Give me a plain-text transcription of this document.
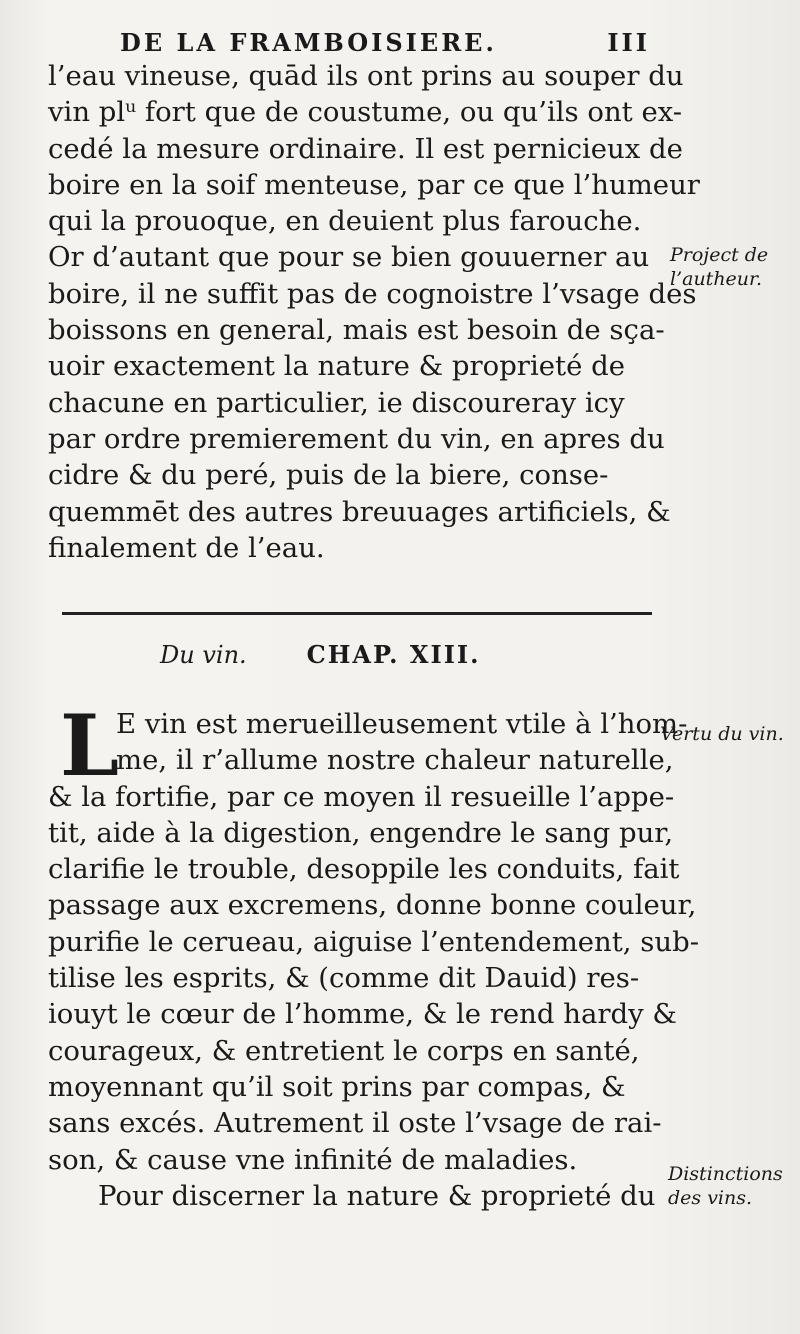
DE LA FRAMBOISIERE.	III
l’eau vineuse, quād ils ont prins au souper du
vin plᵘ fort que de coustume, ou qu’ils ont ex-
cedé la mesure ordinaire. Il est pernicieux de
boire en la soif menteuse, par ce que l’humeur
qui la prouoque, en deuient plus farouche.
Or d’autant que pour se bien gouuerner au
boire, il ne suffit pas de cognoistre l’vsage des
boissons en general, mais est besoin de sça-
uoir exactement la nature & proprieté de
chacune en particulier, ie discoureray icy
par ordre premierement du vin, en apres du
cidre & du peré, puis de la biere, conse-
quemmēt des autres breuuages artificiels, &
finalement de l’eau.
Du vin.	CHAP. XIII.
L
E vin est merueilleusement vtile à l’hom-
me, il r’allume nostre chaleur naturelle,
& la fortifie, par ce moyen il resueille l’appe-
tit, aide à la digestion, engendre le sang pur,
clarifie le trouble, desoppile les conduits, fait
passage aux excremens, donne bonne couleur,
purifie le cerueau, aiguise l’entendement, sub-
tilise les esprits, & (comme dit Dauid) res-
iouyt le cœur de l’homme, & le rend hardy &
courageux, & entretient le corps en santé,
moyennant qu’il soit prins par compas, &
sans excés. Autrement il oste l’vsage de rai-
son, & cause vne infinité de maladies.
Pour discerner la nature & proprieté du
Project de
l’autheur.
Vertu du vin.
Distinctions
des vins.
